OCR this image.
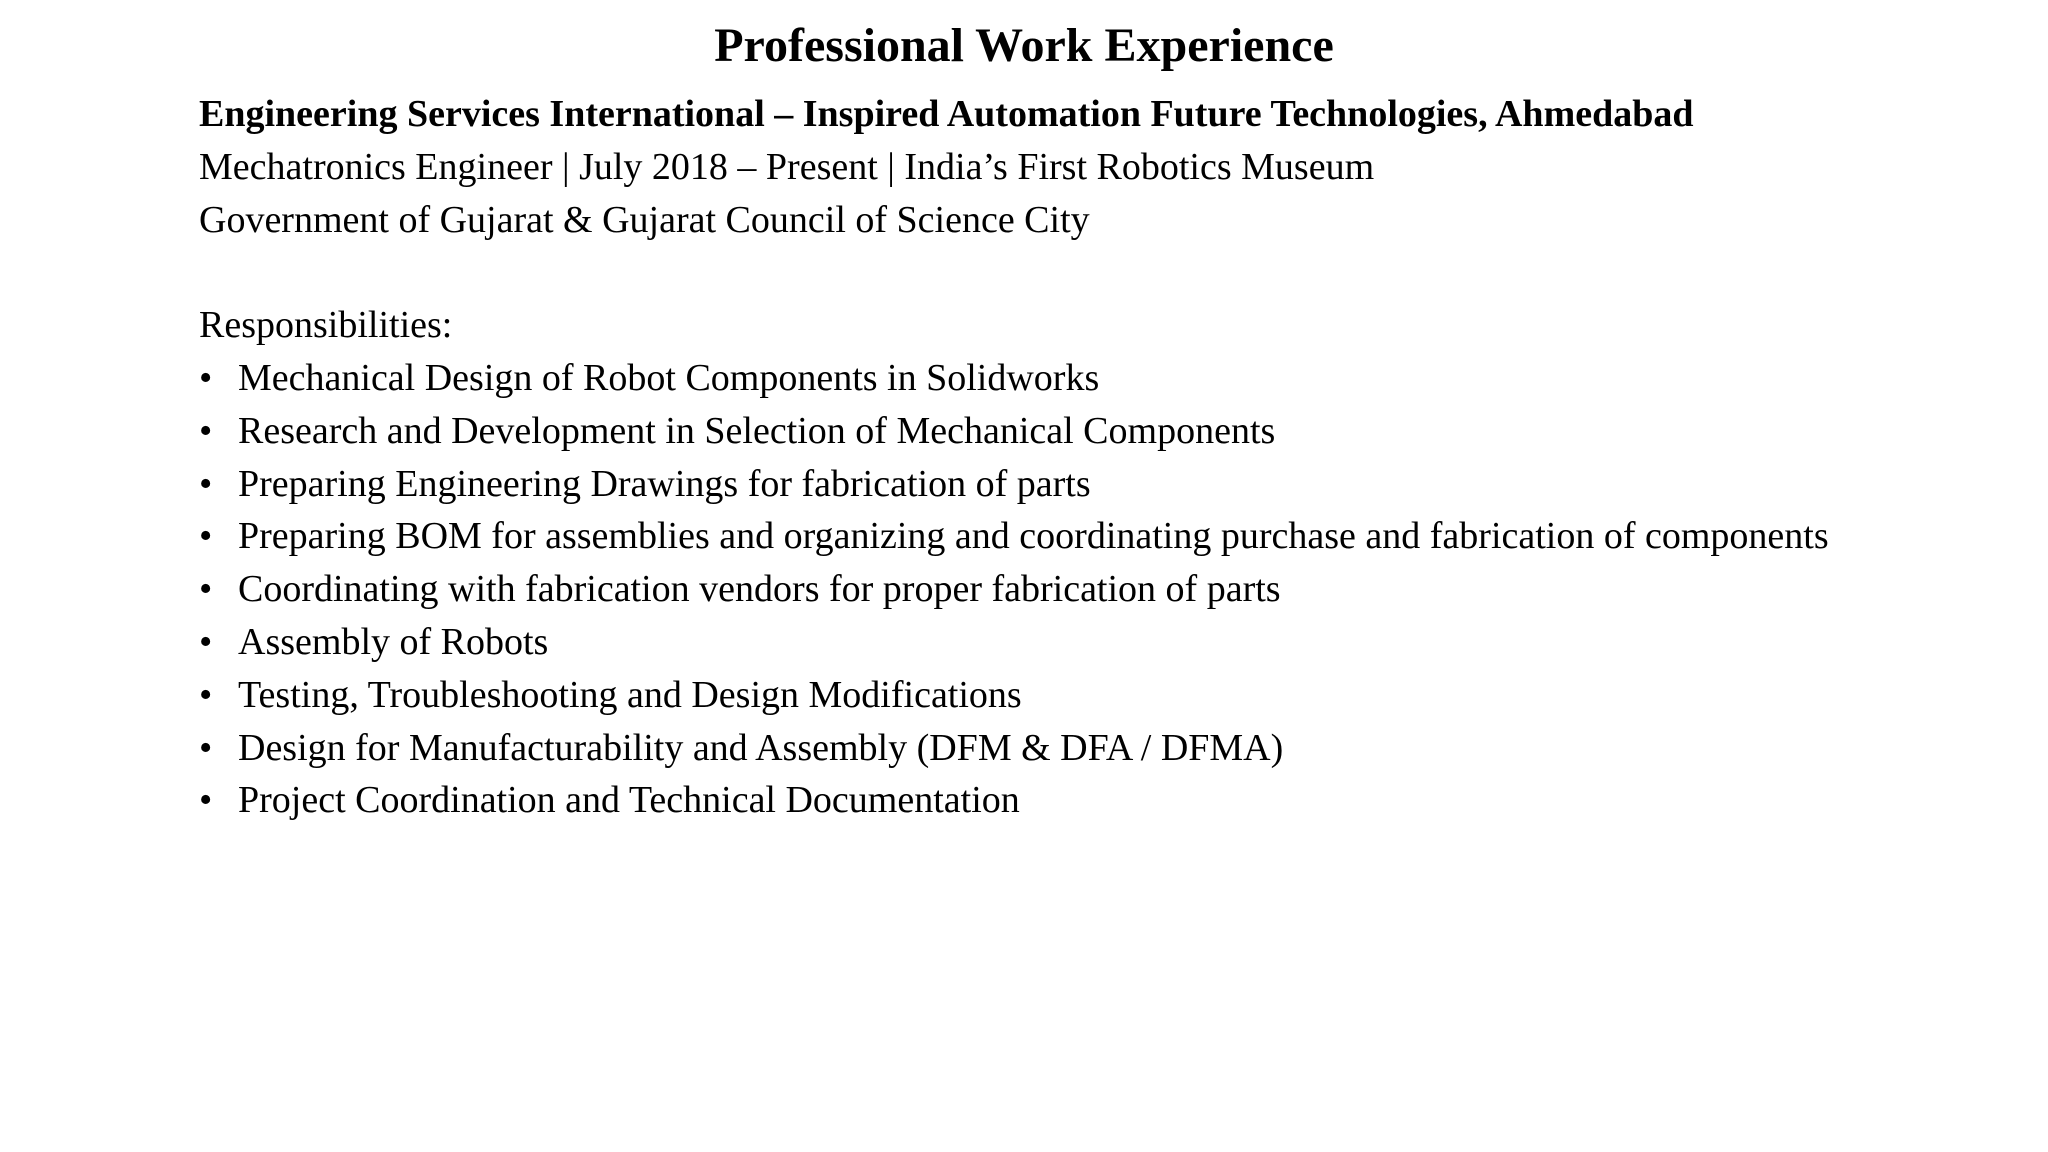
Professional Work Experience
Engineering Services International – Inspired Automation Future Technologies, Ahmedabad
Mechatronics Engineer | July 2018 – Present | India’s First Robotics Museum
Government of Gujarat & Gujarat Council of Science City
Responsibilities:
• Mechanical Design of Robot Components in Solidworks
• Research and Development in Selection of Mechanical Components
• Preparing Engineering Drawings for fabrication of parts
• Preparing BOM for assemblies and organizing and coordinating purchase and fabrication of components
• Coordinating with fabrication vendors for proper fabrication of parts
• Assembly of Robots
• Testing, Troubleshooting and Design Modifications
• Design for Manufacturability and Assembly (DFM & DFA / DFMA)
• Project Coordination and Technical Documentation
